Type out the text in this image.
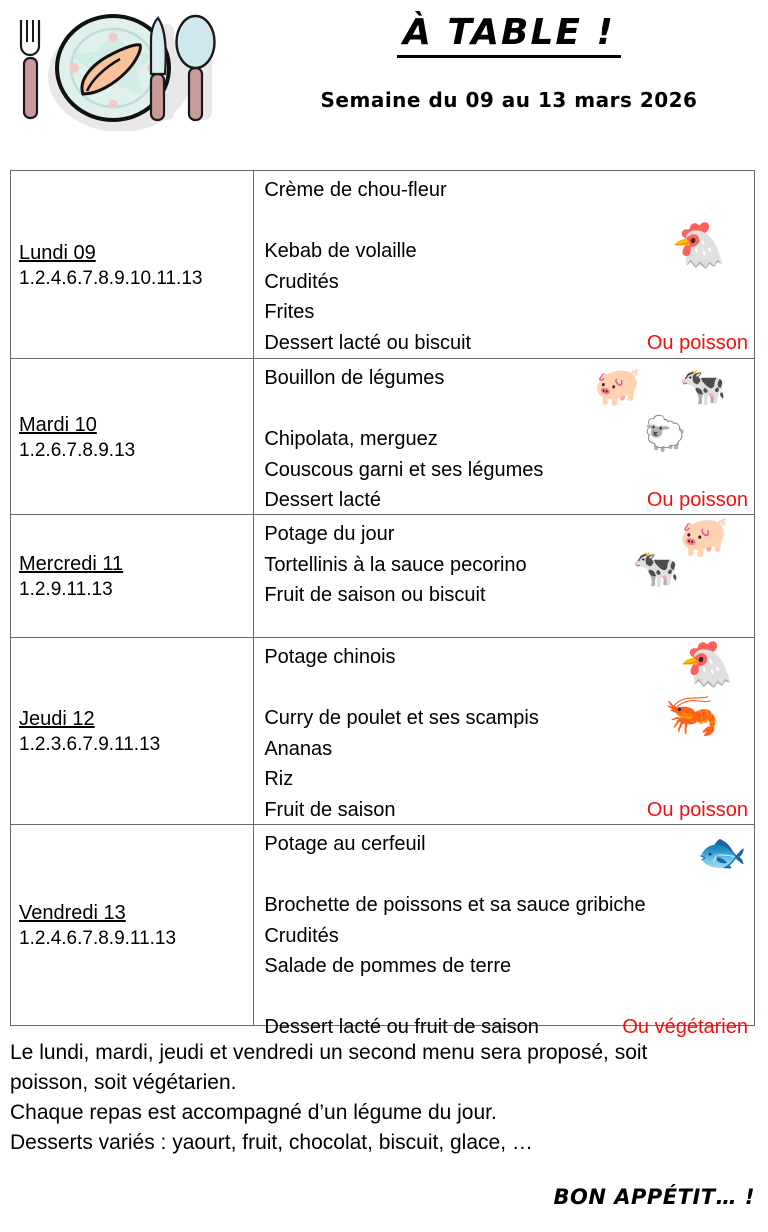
À TABLE !
Semaine du 09 au 13 mars 2026
Lundi 09
1.2.4.6.7.8.9.10.11.13

Crème de chou-fleur

Kebab de volaille
Crudités
Frites
Dessert lacté ou biscuit	Ou poisson
🐔

Mardi 10
1.2.6.7.8.9.13

Bouillon de légumes

Chipolata, merguez
Couscous garni et ses légumes
Dessert lacté	Ou poisson
🐖 🐄
🐑

Mercredi 11
1.2.9.11.13

Potage du jour
Tortellinis à la sauce pecorino
Fruit de saison ou biscuit
🐖
🐄

Jeudi 12
1.2.3.6.7.9.11.13

Potage chinois

Curry de poulet et ses scampis
Ananas
Riz
Fruit de saison	Ou poisson
🐔
🦐

Vendredi 13
1.2.4.6.7.8.9.11.13

Potage au cerfeuil

Brochette de poissons et sa sauce gribiche
Crudités
Salade de pommes de terre

Dessert lacté ou fruit de saison	Ou végétarien
🐟
Le lundi, mardi, jeudi et vendredi un second menu sera proposé, soit
poisson, soit végétarien.
Chaque repas est accompagné d’un légume du jour.
Desserts variés : yaourt, fruit, chocolat, biscuit, glace, …
BON APPÉTIT… !
